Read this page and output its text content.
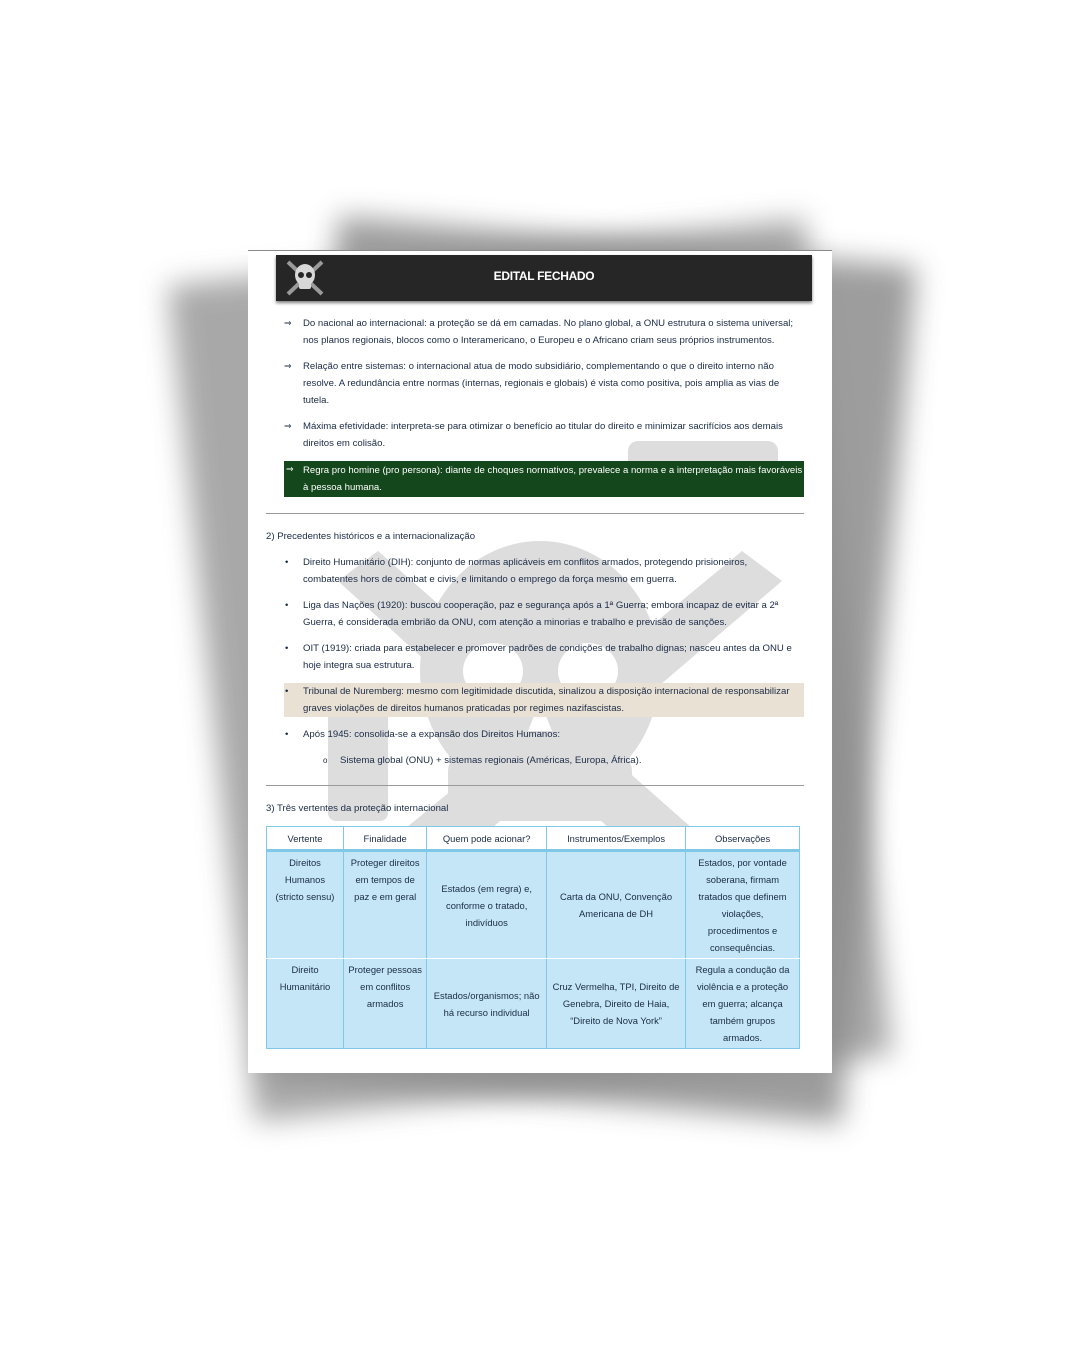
EDITAL FECHADO
⇒ Do nacional ao internacional: a proteção se dá em camadas. No plano global, a ONU estrutura o sistema universal; nos planos regionais, blocos como o Interamericano, o Europeu e o Africano criam seus próprios instrumentos.
⇒ Relação entre sistemas: o internacional atua de modo subsidiário, complementando o que o direito interno não resolve. A redundância entre normas (internas, regionais e globais) é vista como positiva, pois amplia as vias de tutela.
⇒ Máxima efetividade: interpreta-se para otimizar o benefício ao titular do direito e minimizar sacrifícios aos demais direitos em colisão.
⇒ Regra pro homine (pro persona): diante de choques normativos, prevalece a norma e a interpretação mais favoráveis à pessoa humana.
2) Precedentes históricos e a internacionalização
• Direito Humanitário (DIH): conjunto de normas aplicáveis em conflitos armados, protegendo prisioneiros, combatentes hors de combat e civis, e limitando o emprego da força mesmo em guerra.
• Liga das Nações (1920): buscou cooperação, paz e segurança após a 1ª Guerra; embora incapaz de evitar a 2ª Guerra, é considerada embrião da ONU, com atenção a minorias e trabalho e previsão de sanções.
• OIT (1919): criada para estabelecer e promover padrões de condições de trabalho dignas; nasceu antes da ONU e hoje integra sua estrutura.
• Tribunal de Nuremberg: mesmo com legitimidade discutida, sinalizou a disposição internacional de responsabilizar graves violações de direitos humanos praticadas por regimes nazifascistas.
• Após 1945: consolida-se a expansão dos Direitos Humanos:
o Sistema global (ONU) + sistemas regionais (Américas, Europa, África).
3) Três vertentes da proteção internacional
Vertente	Finalidade	Quem pode acionar?	Instrumentos/Exemplos	Observações
Direitos Humanos (stricto sensu)	Proteger direitos em tempos de paz e em geral	Estados (em regra) e, conforme o tratado, indivíduos	Carta da ONU, Convenção Americana de DH	Estados, por vontade soberana, firmam tratados que definem violações, procedimentos e consequências.
Direito Humanitário	Proteger pessoas em conflitos armados	Estados/organismos; não há recurso individual	Cruz Vermelha, TPI, Direito de Genebra, Direito de Haia, “Direito de Nova York”	Regula a condução da violência e a proteção em guerra; alcança também grupos armados.
